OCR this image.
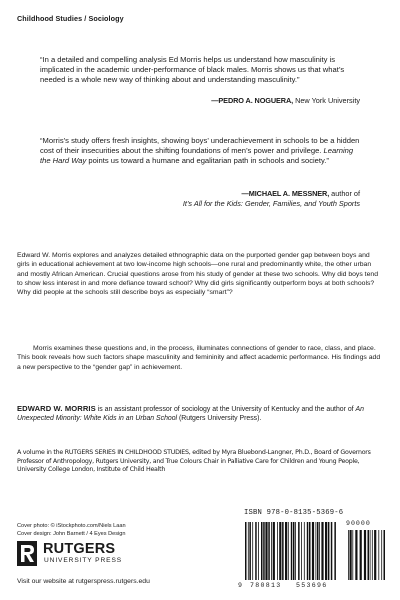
Childhood Studies / Sociology

“In a detailed and compelling analysis Ed Morris helps us understand how masculinity is implicated in the academic under-performance of black males. Morris shows us that what’s needed is a whole new way of thinking about and understanding masculinity.”

—PEDRO A. NOGUERA, New York University

“Morris’s study offers fresh insights, showing boys’ underachievement in schools to be a hidden cost of their insecurities about the shifting foundations of men’s power and privilege. Learning the Hard Way points us toward a humane and egalitarian path in schools and society.”

—MICHAEL A. MESSNER, author of
It’s All for the Kids: Gender, Families, and Youth Sports

Edward W. Morris explores and analyzes detailed ethnographic data on the purported gender gap between boys and girls in educational achievement at two low-income high schools—one rural and predominantly white, the other urban and mostly African American. Crucial questions arose from his study of gender at these two schools. Why did boys tend to show less interest in and more defiance toward school? Why did girls significantly outperform boys at both schools? Why did people at the schools still describe boys as especially “smart”?

Morris examines these questions and, in the process, illuminates connections of gender to race, class, and place. This book reveals how such factors shape masculinity and femininity and affect academic performance. His findings add a new perspective to the “gender gap” in achievement.

EDWARD W. MORRIS is an assistant professor of sociology at the University of Kentucky and the author of An Unexpected Minority: White Kids in an Urban School (Rutgers University Press).

A volume in the RUTGERS SERIES IN CHILDHOOD STUDIES, edited by Myra Bluebond-Langner, Ph.D., Board of Governors Professor of Anthropology, Rutgers University, and True Colours Chair in Palliative Care for Children and Young People, University College London, Institute of Child Health

Cover photo: © iStockphoto.com/Niels Laan
Cover design: John Barnett / 4 Eyes Design
RUTGERS
UNIVERSITY PRESS
Visit our website at rutgerspress.rutgers.edu
ISBN 978-0-8135-5369-6
90000
9 780813 553696
